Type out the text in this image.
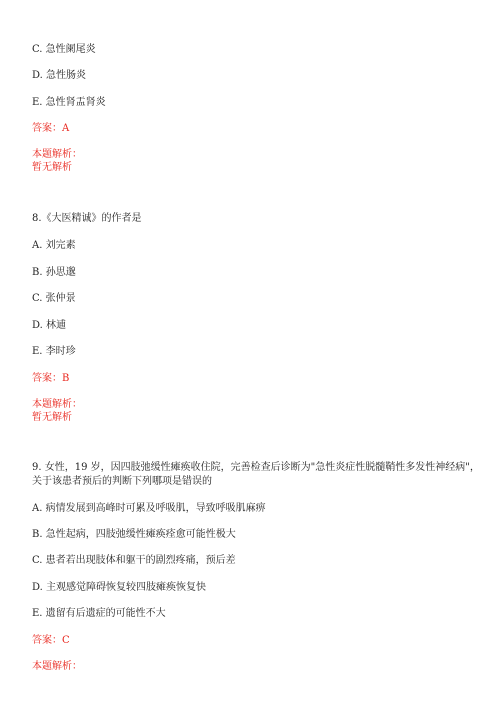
C. 急性阑尾炎
D. 急性肠炎
E. 急性肾盂肾炎
答案：A
本题解析：
暂无解析
8.《大医精诚》的作者是
A. 刘完素
B. 孙思邈
C. 张仲景
D. 林逋
E. 李时珍
答案：B
本题解析：
暂无解析
9. 女性，19 岁，因四肢弛缓性瘫痪收住院，完善检查后诊断为"急性炎症性脱髓鞘性多发性神经病"，
关于该患者预后的判断下列哪项是错误的
A. 病情发展到高峰时可累及呼吸肌，导致呼吸肌麻痹
B. 急性起病，四肢弛缓性瘫痪痊愈可能性极大
C. 患者若出现肢体和躯干的剧烈疼痛，预后差
D. 主观感觉障碍恢复较四肢瘫痪恢复快
E. 遗留有后遗症的可能性不大
答案：C
本题解析：
